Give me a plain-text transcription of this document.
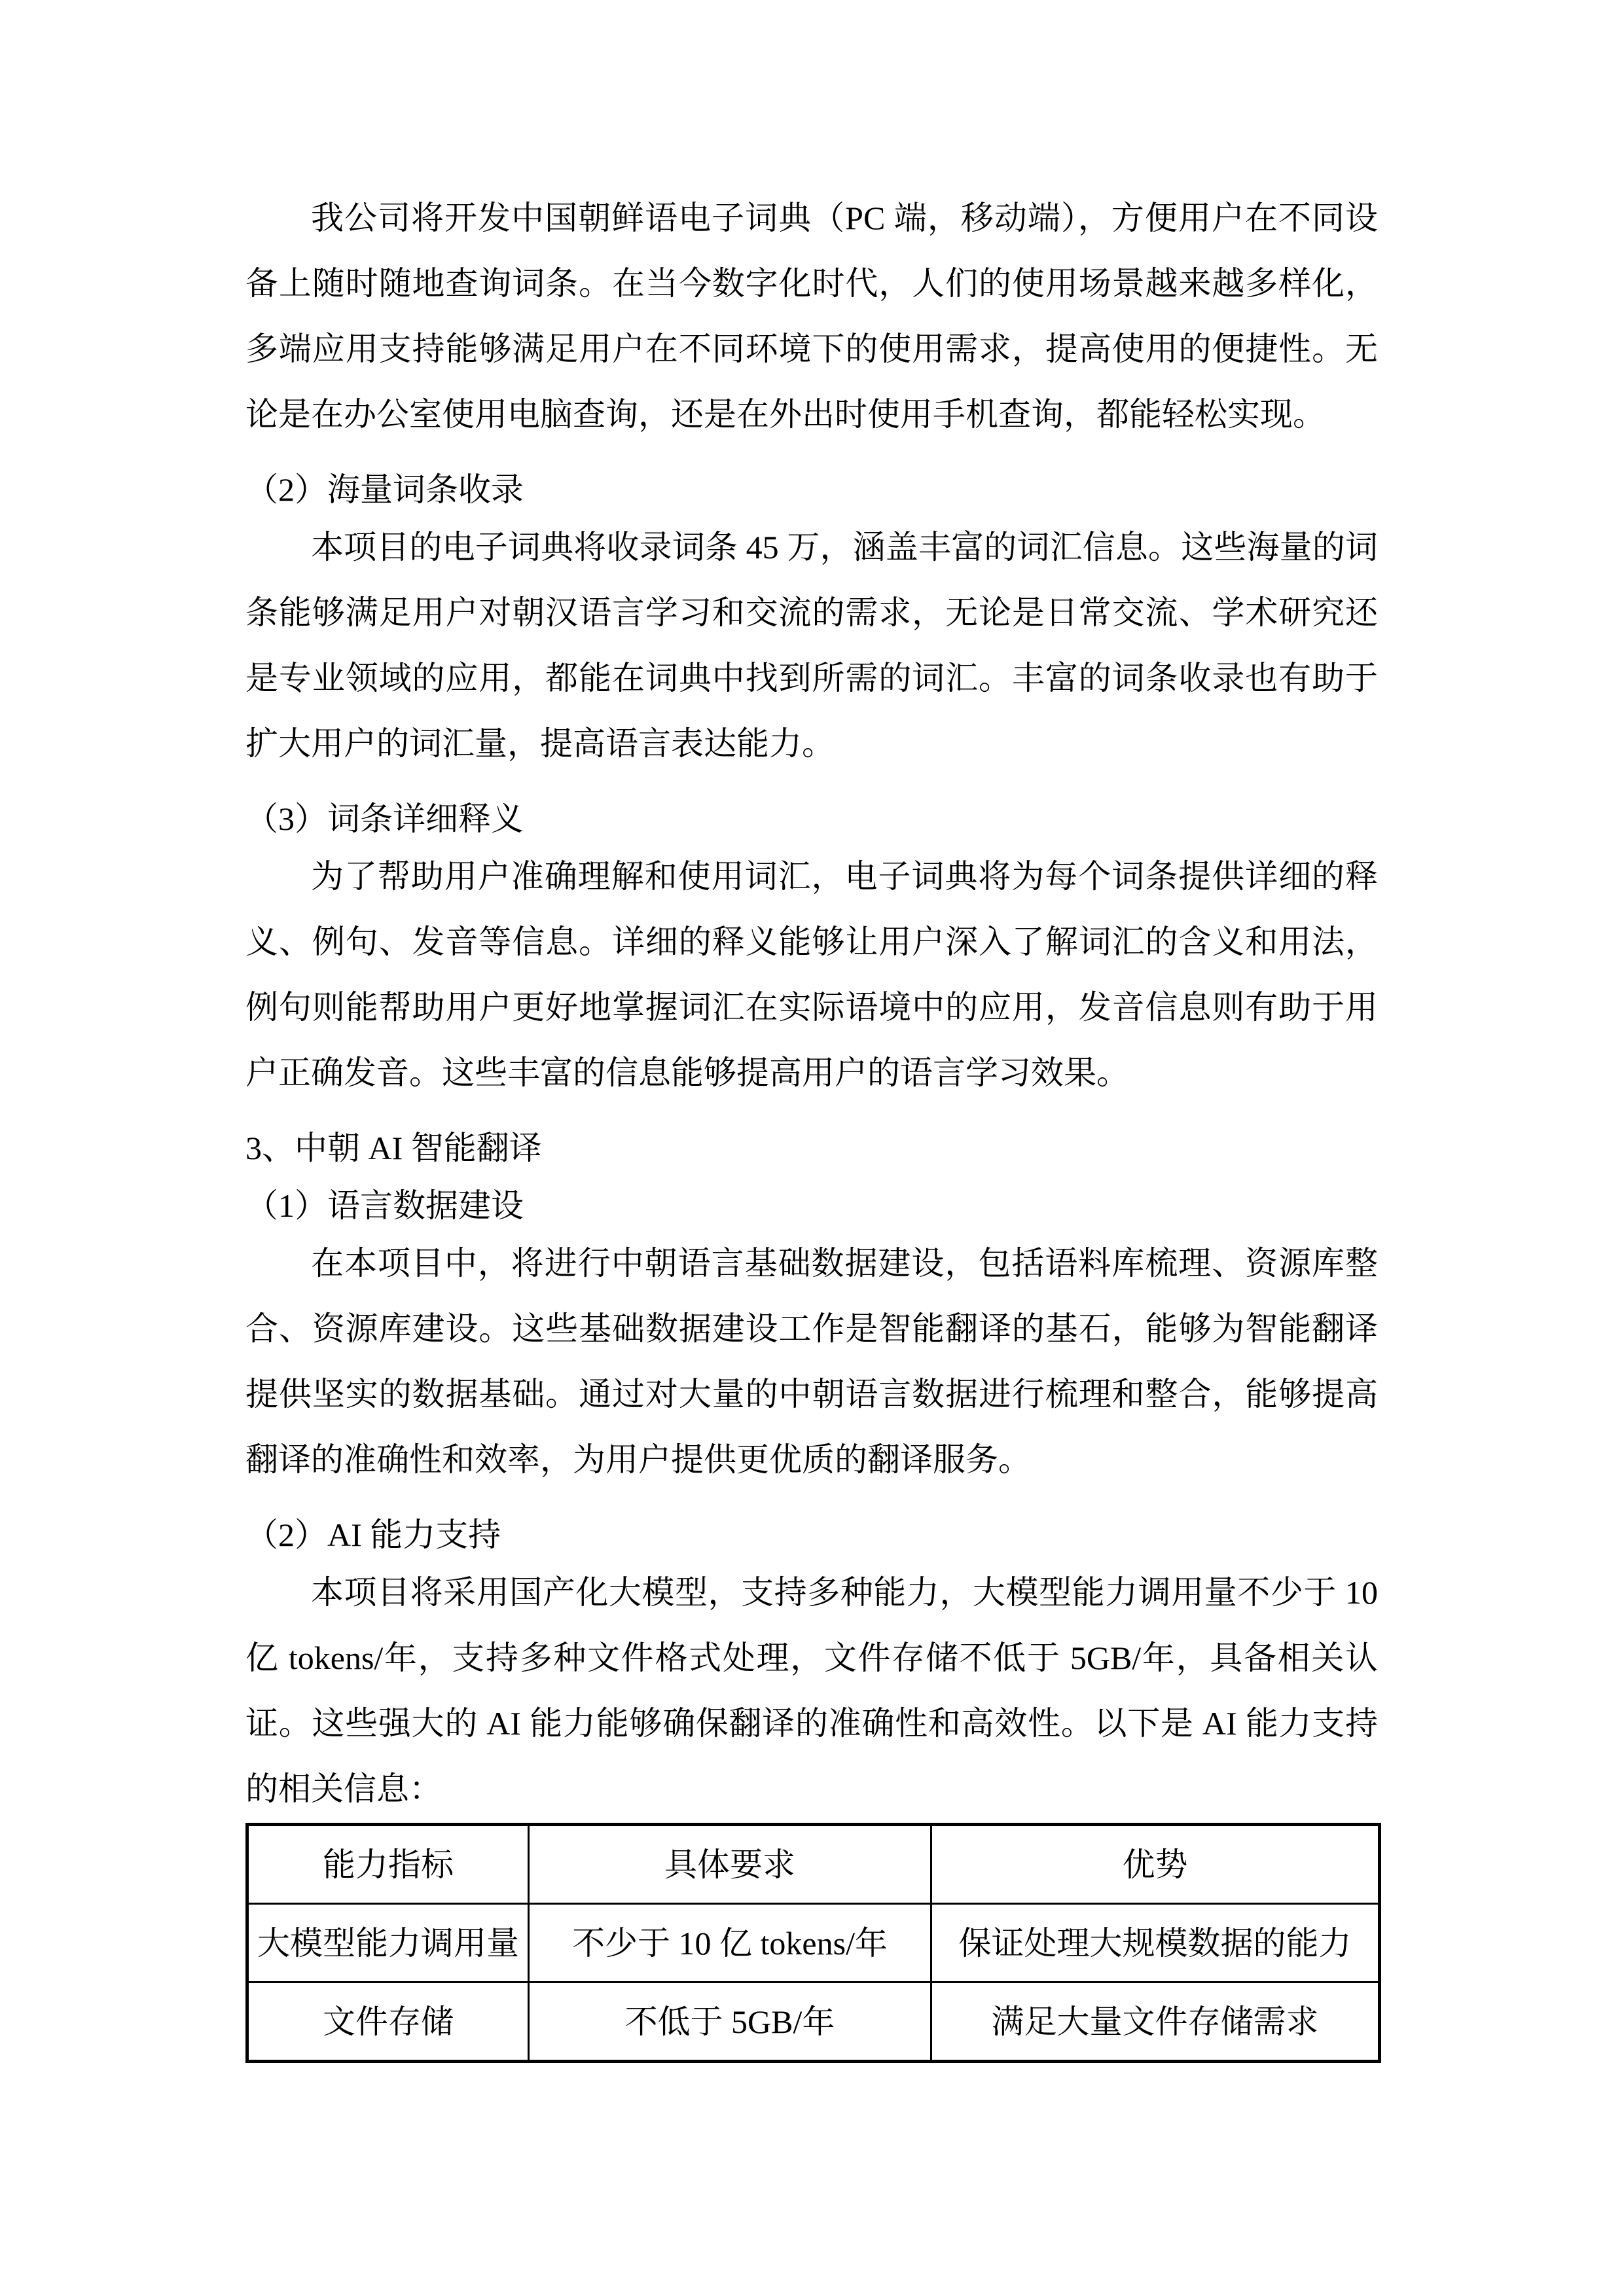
我公司将开发中国朝鲜语电子词典（PC 端，移动端），方便用户在不同设备上随时随地查询词条。在当今数字化时代，人们的使用场景越来越多样化，多端应用支持能够满足用户在不同环境下的使用需求，提高使用的便捷性。无论是在办公室使用电脑查询，还是在外出时使用手机查询，都能轻松实现。

（2）海量词条收录

本项目的电子词典将收录词条 45 万，涵盖丰富的词汇信息。这些海量的词条能够满足用户对朝汉语言学习和交流的需求，无论是日常交流、学术研究还是专业领域的应用，都能在词典中找到所需的词汇。丰富的词条收录也有助于扩大用户的词汇量，提高语言表达能力。

（3）词条详细释义

为了帮助用户准确理解和使用词汇，电子词典将为每个词条提供详细的释义、例句、发音等信息。详细的释义能够让用户深入了解词汇的含义和用法，例句则能帮助用户更好地掌握词汇在实际语境中的应用，发音信息则有助于用户正确发音。这些丰富的信息能够提高用户的语言学习效果。

3、中朝 AI 智能翻译

（1）语言数据建设

在本项目中，将进行中朝语言基础数据建设，包括语料库梳理、资源库整合、资源库建设。这些基础数据建设工作是智能翻译的基石，能够为智能翻译提供坚实的数据基础。通过对大量的中朝语言数据进行梳理和整合，能够提高翻译的准确性和效率，为用户提供更优质的翻译服务。

（2）AI 能力支持

本项目将采用国产化大模型，支持多种能力，大模型能力调用量不少于 10 亿 tokens/年，支持多种文件格式处理，文件存储不低于 5GB/年，具备相关认证。这些强大的 AI 能力能够确保翻译的准确性和高效性。以下是 AI 能力支持的相关信息：

能力指标	具体要求	优势
大模型能力调用量	不少于 10 亿 tokens/年	保证处理大规模数据的能力
文件存储	不低于 5GB/年	满足大量文件存储需求
